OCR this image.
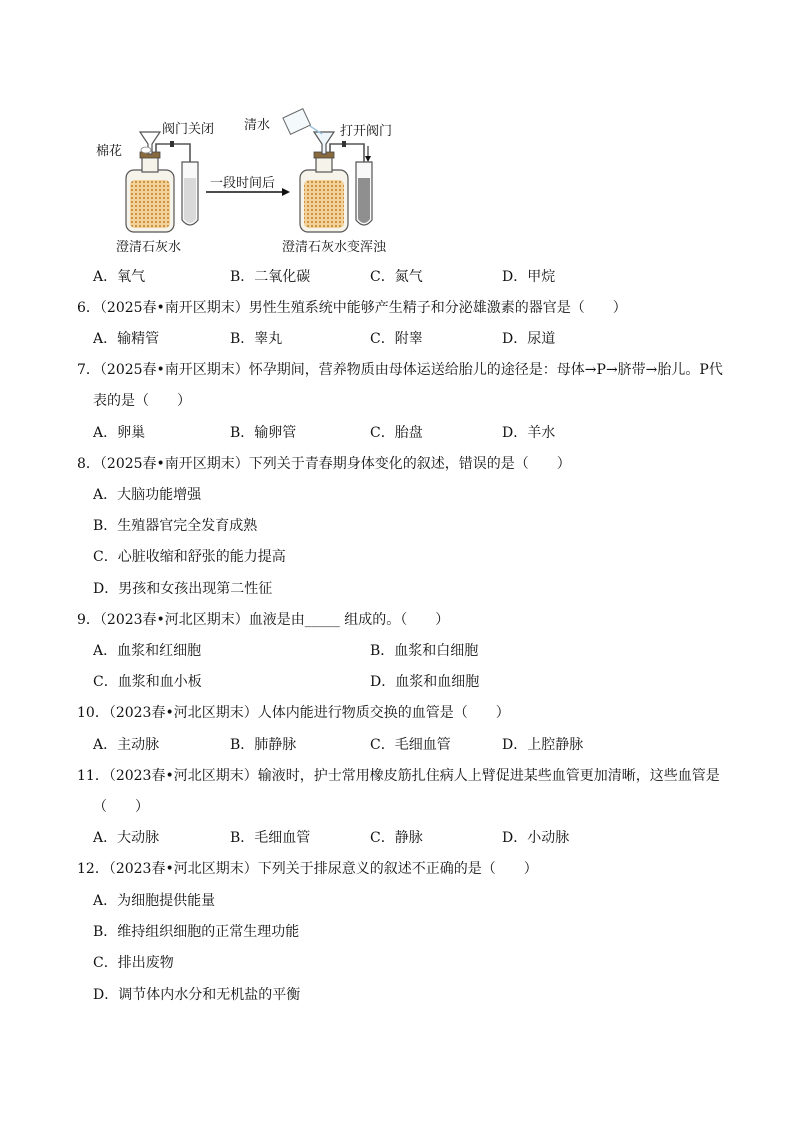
棉花
阀门关闭 清水	打开阀门
一段时间后
澄清石灰水	澄清石灰水变浑浊
A．氧气	B．二氧化碳	C．氮气	D．甲烷
6．（2025春•南开区期末）男性生殖系统中能够产生精子和分泌雄激素的器官是（　　）
A．输精管	B．睾丸	C．附睾	D．尿道
7．（2025春•南开区期末）怀孕期间，营养物质由母体运送给胎儿的途径是：母体→P→脐带→胎儿。P代
表的是（　　）
A．卵巢	B．输卵管	C．胎盘	D．羊水
8．（2025春•南开区期末）下列关于青春期身体变化的叙述，错误的是（　　）
A．大脑功能增强
B．生殖器官完全发育成熟
C．心脏收缩和舒张的能力提高
D．男孩和女孩出现第二性征
9．（2023春•河北区期末）血液是由_____ 组成的。（　　）
A．血浆和红细胞	B．血浆和白细胞
C．血浆和血小板	D．血浆和血细胞
10．（2023春•河北区期末）人体内能进行物质交换的血管是（　　）
A．主动脉	B．肺静脉	C．毛细血管	D．上腔静脉
11．（2023春•河北区期末）输液时，护士常用橡皮筋扎住病人上臂促进某些血管更加清晰，这些血管是
（　　）
A．大动脉	B．毛细血管	C．静脉	D．小动脉
12．（2023春•河北区期末）下列关于排尿意义的叙述不正确的是（　　）
A．为细胞提供能量
B．维持组织细胞的正常生理功能
C．排出废物
D．调节体内水分和无机盐的平衡
